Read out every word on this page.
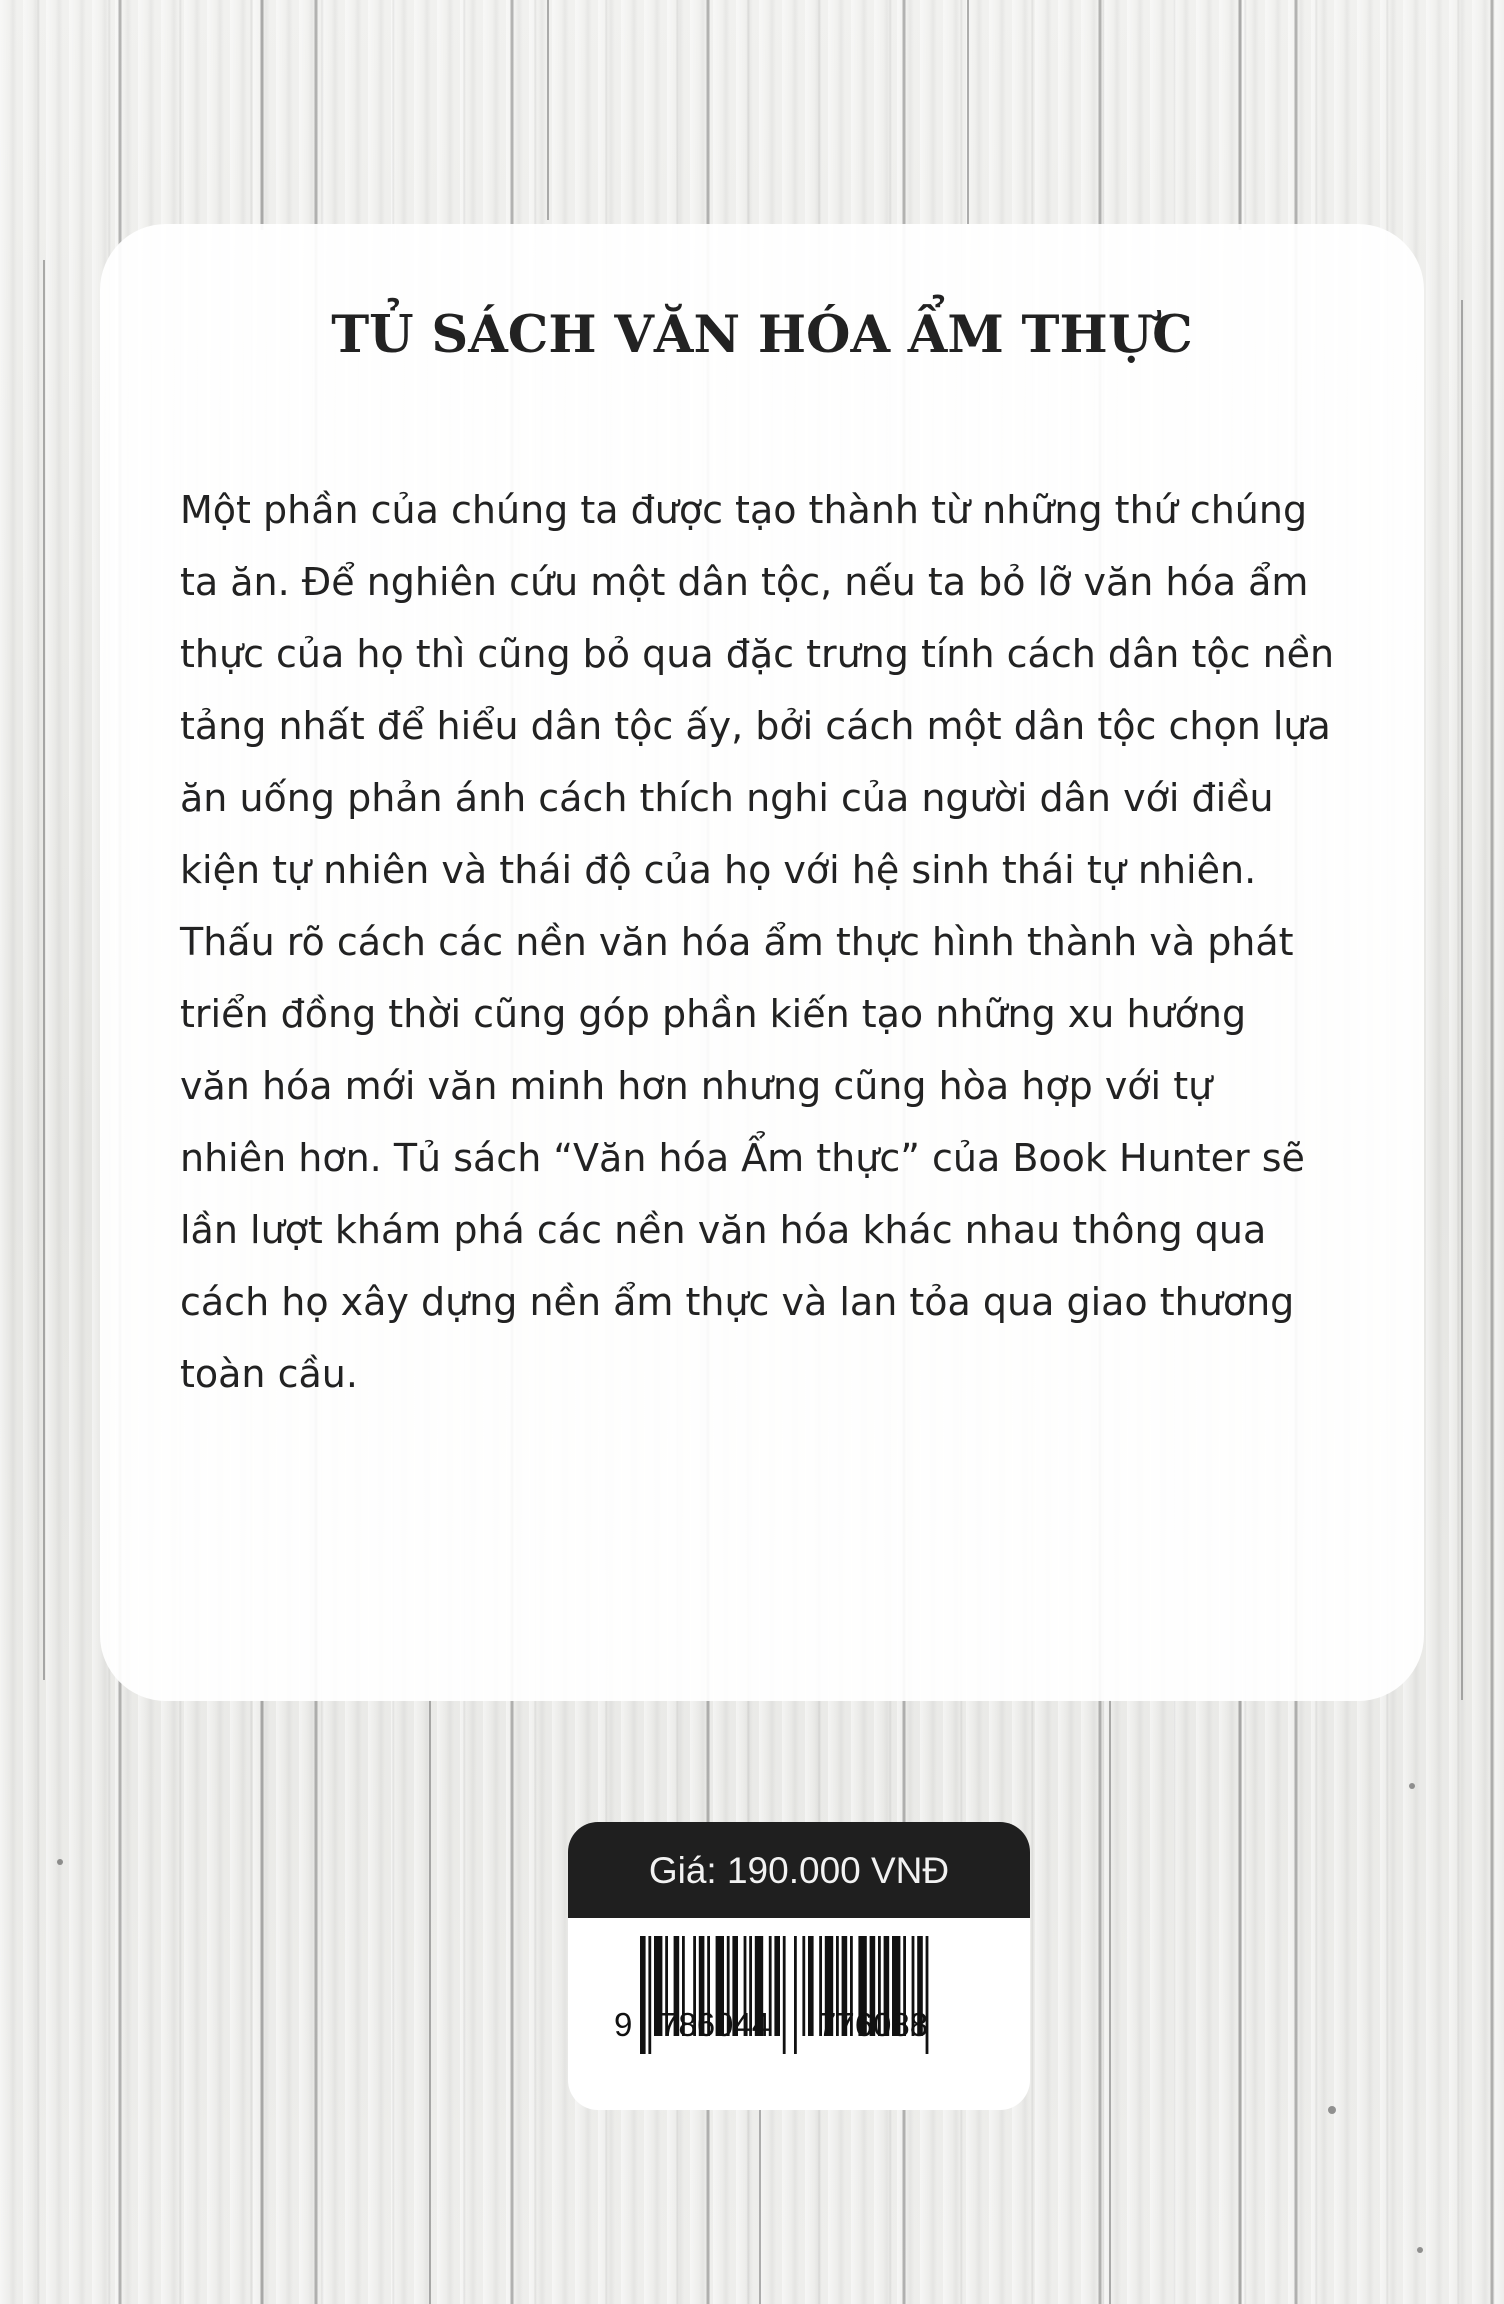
TỦ SÁCH VĂN HÓA ẨM THỰC
Một phần của chúng ta được tạo thành từ những thứ chúng
ta ăn. Để nghiên cứu một dân tộc, nếu ta bỏ lỡ văn hóa ẩm
thực của họ thì cũng bỏ qua đặc trưng tính cách dân tộc nền
tảng nhất để hiểu dân tộc ấy, bởi cách một dân tộc chọn lựa
ăn uống phản ánh cách thích nghi của người dân với điều
kiện tự nhiên và thái độ của họ với hệ sinh thái tự nhiên.
Thấu rõ cách các nền văn hóa ẩm thực hình thành và phát
triển đồng thời cũng góp phần kiến tạo những xu hướng
văn hóa mới văn minh hơn nhưng cũng hòa hợp với tự
nhiên hơn. Tủ sách “Văn hóa Ẩm thực” của Book Hunter sẽ
lần lượt khám phá các nền văn hóa khác nhau thông qua
cách họ xây dựng nền ẩm thực và lan tỏa qua giao thương
toàn cầu.
Giá: 190.000 VNĐ
9 786044 776088
